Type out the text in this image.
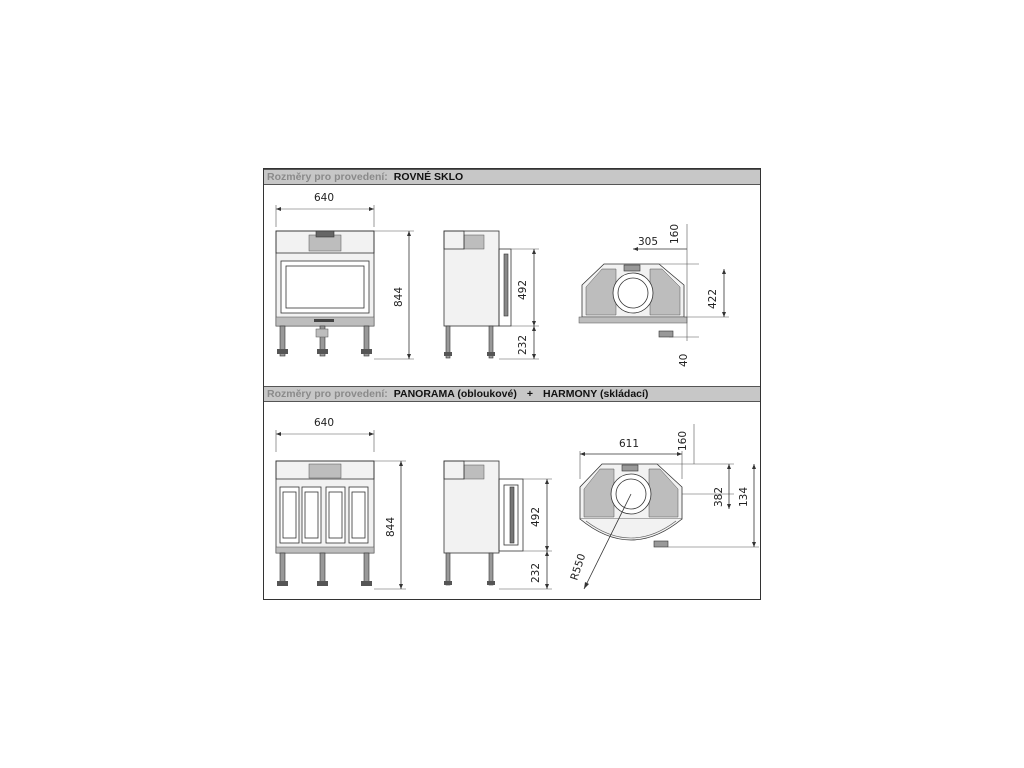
Rozměry pro provedení: ROVNÉ SKLO
Rozměry pro provedení: PANORAMA (obloukové) + HARMONY (skládací)
640
844	492
232
305 160
422
40
640
844	492
232
611	160
382 134
R550
